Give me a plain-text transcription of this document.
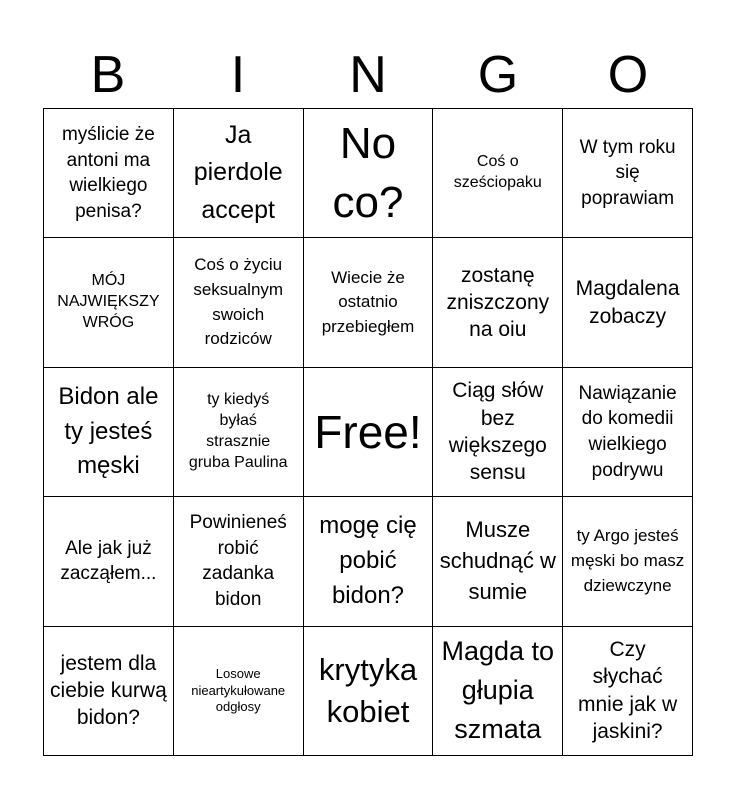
B	I	N	G	O
myślicie że antoni ma wielkiego penisa?
Ja pierdole accept
No co?
Coś o sześciopaku
W tym roku się poprawiam
MÓJ NAJWIĘKSZY WRÓG
Coś o życiu seksualnym swoich rodziców
Wiecie że ostatnio przebiegłem
zostanę zniszczony na oiu
Magdalena zobaczy
Bidon ale ty jesteś męski
ty kiedyś byłaś strasznie gruba Paulina
Free!
Ciąg słów bez większego sensu
Nawiązanie do komedii wielkiego podrywu
Ale jak już zacząłem...
Powinieneś robić zadanka bidon
mogę cię pobić bidon?
Musze schudnąć w sumie
ty Argo jesteś męski bo masz dziewczyne
jestem dla ciebie kurwą bidon?
Losowe nieartykułowane odgłosy
krytyka kobiet
Magda to głupia szmata
Czy słychać mnie jak w jaskini?
